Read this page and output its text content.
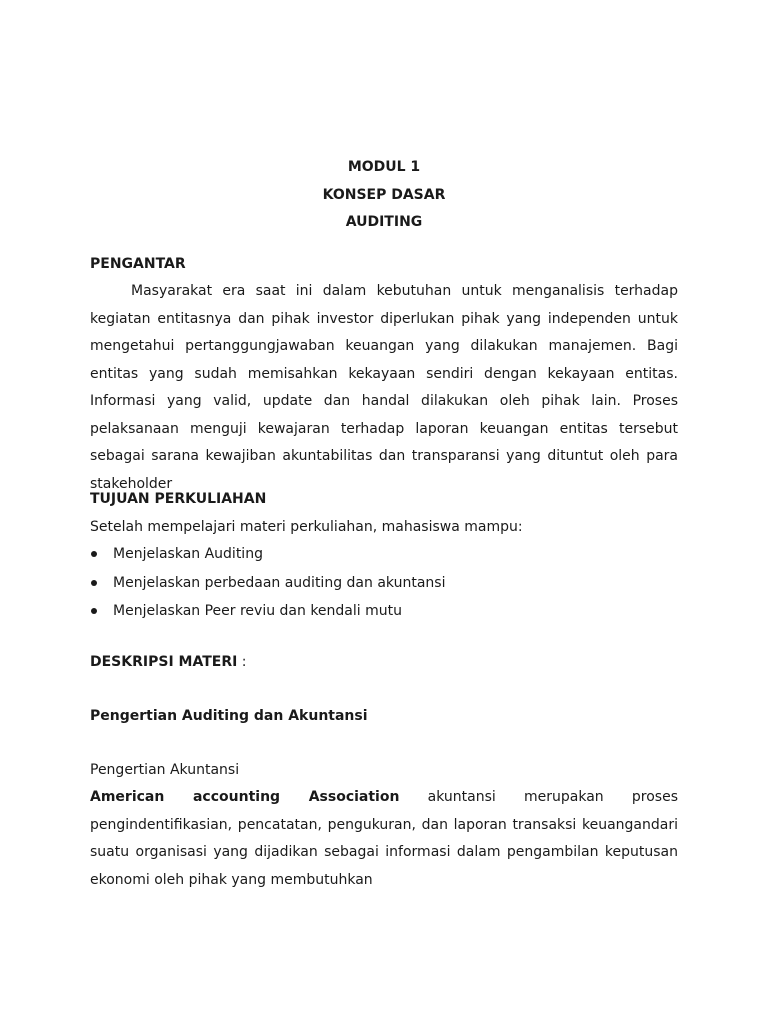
MODUL 1
KONSEP DASAR
AUDITING
PENGANTAR
Masyarakat era saat ini dalam kebutuhan untuk menganalisis terhadap kegiatan entitasnya dan pihak investor diperlukan pihak yang independen untuk mengetahui pertanggungjawaban keuangan yang dilakukan manajemen. Bagi entitas yang sudah memisahkan kekayaan sendiri dengan kekayaan entitas. Informasi yang valid, update dan handal dilakukan oleh pihak lain. Proses pelaksanaan menguji kewajaran terhadap laporan keuangan entitas tersebut sebagai sarana kewajiban akuntabilitas dan transparansi yang dituntut oleh para stakeholder
TUJUAN PERKULIAHAN
Setelah mempelajari materi perkuliahan, mahasiswa mampu:
Menjelaskan Auditing
Menjelaskan perbedaan auditing dan akuntansi
Menjelaskan Peer reviu dan kendali mutu
DESKRIPSI MATERI :
Pengertian Auditing dan Akuntansi
Pengertian Akuntansi
American accounting Association akuntansi merupakan proses pengindentifikasian, pencatatan, pengukuran, dan laporan transaksi keuangandari suatu organisasi yang dijadikan sebagai informasi dalam pengambilan keputusan ekonomi oleh pihak yang membutuhkan
